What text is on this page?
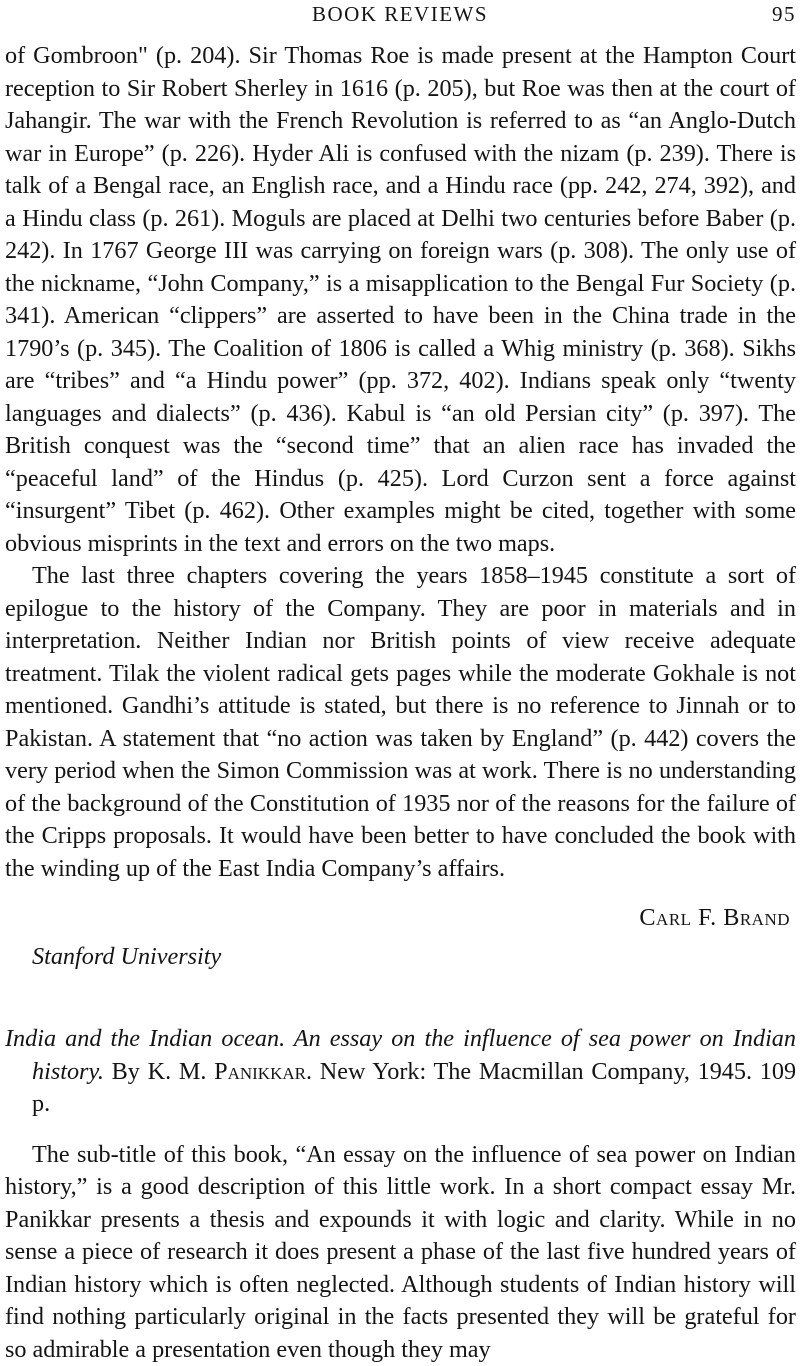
BOOK REVIEWS	95

of Gombroon" (p. 204). Sir Thomas Roe is made present at the Hampton Court reception to Sir Robert Sherley in 1616 (p. 205), but Roe was then at the court of Jahangir. The war with the French Revolution is referred to as “an Anglo-Dutch war in Europe” (p. 226). Hyder Ali is confused with the nizam (p. 239). There is talk of a Bengal race, an English race, and a Hindu race (pp. 242, 274, 392), and a Hindu class (p. 261). Moguls are placed at Delhi two centuries before Baber (p. 242). In 1767 George III was carrying on foreign wars (p. 308). The only use of the nickname, “John Company,” is a misapplication to the Bengal Fur Society (p. 341). American “clippers” are asserted to have been in the China trade in the 1790’s (p. 345). The Coalition of 1806 is called a Whig ministry (p. 368). Sikhs are “tribes” and “a Hindu power” (pp. 372, 402). Indians speak only “twenty languages and dialects” (p. 436). Kabul is “an old Persian city” (p. 397). The British conquest was the “second time” that an alien race has invaded the “peaceful land” of the Hindus (p. 425). Lord Curzon sent a force against “insurgent” Tibet (p. 462). Other examples might be cited, together with some obvious misprints in the text and errors on the two maps.

The last three chapters covering the years 1858–1945 constitute a sort of epilogue to the history of the Company. They are poor in materials and in interpretation. Neither Indian nor British points of view receive adequate treatment. Tilak the violent radical gets pages while the moderate Gokhale is not mentioned. Gandhi’s attitude is stated, but there is no reference to Jinnah or to Pakistan. A statement that “no action was taken by England” (p. 442) covers the very period when the Simon Commission was at work. There is no understanding of the background of the Constitution of 1935 nor of the reasons for the failure of the Cripps proposals. It would have been better to have concluded the book with the winding up of the East India Company’s affairs.

Carl F. Brand
Stanford University

India and the Indian ocean. An essay on the influence of sea power on Indian history. By K. M. Panikkar. New York: The Macmillan Company, 1945. 109 p.

The sub-title of this book, “An essay on the influence of sea power on Indian history,” is a good description of this little work. In a short compact essay Mr. Panikkar presents a thesis and expounds it with logic and clarity. While in no sense a piece of research it does present a phase of the last five hundred years of Indian history which is often neglected. Although students of Indian history will find nothing particularly original in the facts presented they will be grateful for so admirable a presentation even though they may
